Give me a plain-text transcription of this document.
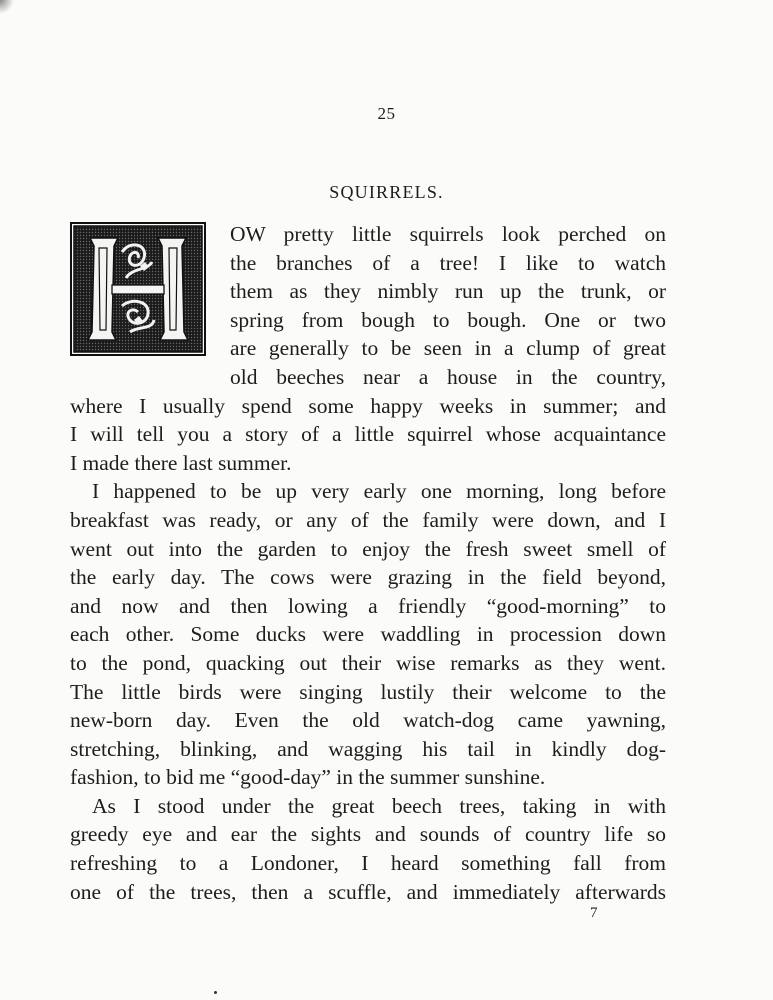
25
SQUIRRELS.
OW pretty little squirrels look perched on
the branches of a tree! I like to watch
them as they nimbly run up the trunk, or
spring from bough to bough. One or two
are generally to be seen in a clump of great
old beeches near a house in the country,
where I usually spend some happy weeks in summer; and
I will tell you a story of a little squirrel whose acquaintance
I made there last summer.
I happened to be up very early one morning, long before
breakfast was ready, or any of the family were down, and I
went out into the garden to enjoy the fresh sweet smell of
the early day. The cows were grazing in the field beyond,
and now and then lowing a friendly “good-morning” to
each other. Some ducks were waddling in procession down
to the pond, quacking out their wise remarks as they went.
The little birds were singing lustily their welcome to the
new-born day. Even the old watch-dog came yawning,
stretching, blinking, and wagging his tail in kindly dog-
fashion, to bid me “good-day” in the summer sunshine.
As I stood under the great beech trees, taking in with
greedy eye and ear the sights and sounds of country life so
refreshing to a Londoner, I heard something fall from
one of the trees, then a scuffle, and immediately afterwards
7
